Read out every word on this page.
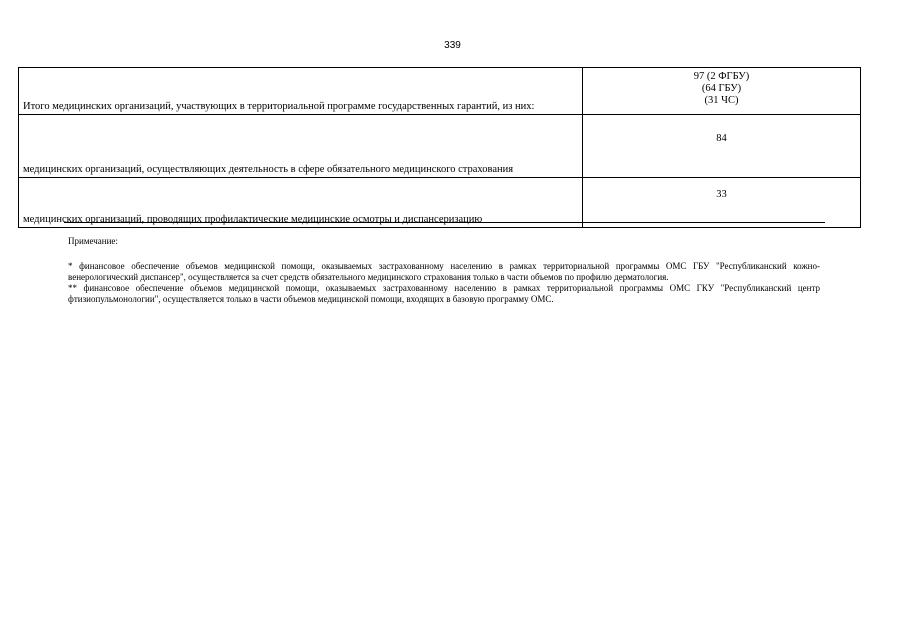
339
Итого медицинских организаций, участвующих в территориальной программе государственных гарантий, из них:	97 (2 ФГБУ)
(64 ГБУ)
(31 ЧС)

медицинских организаций, осуществляющих деятельность в сфере обязательного медицинского страхования	84

медицинских организаций, проводящих профилактические медицинские осмотры и диспансеризацию	33

Примечание:

* финансовое обеспечение объемов медицинской помощи, оказываемых застрахованному населению в рамках территориальной программы ОМС ГБУ "Республиканский кожно-венерологический диспансер", осуществляется за счет средств обязательного медицинского страхования только в части объемов по профилю дерматология.

** финансовое обеспечение объемов медицинской помощи, оказываемых застрахованному населению в рамках территориальной программы ОМС ГКУ "Республиканский центр фтизиопульмонологии", осуществляется только в части объемов медицинской помощи, входящих в базовую программу ОМС.
